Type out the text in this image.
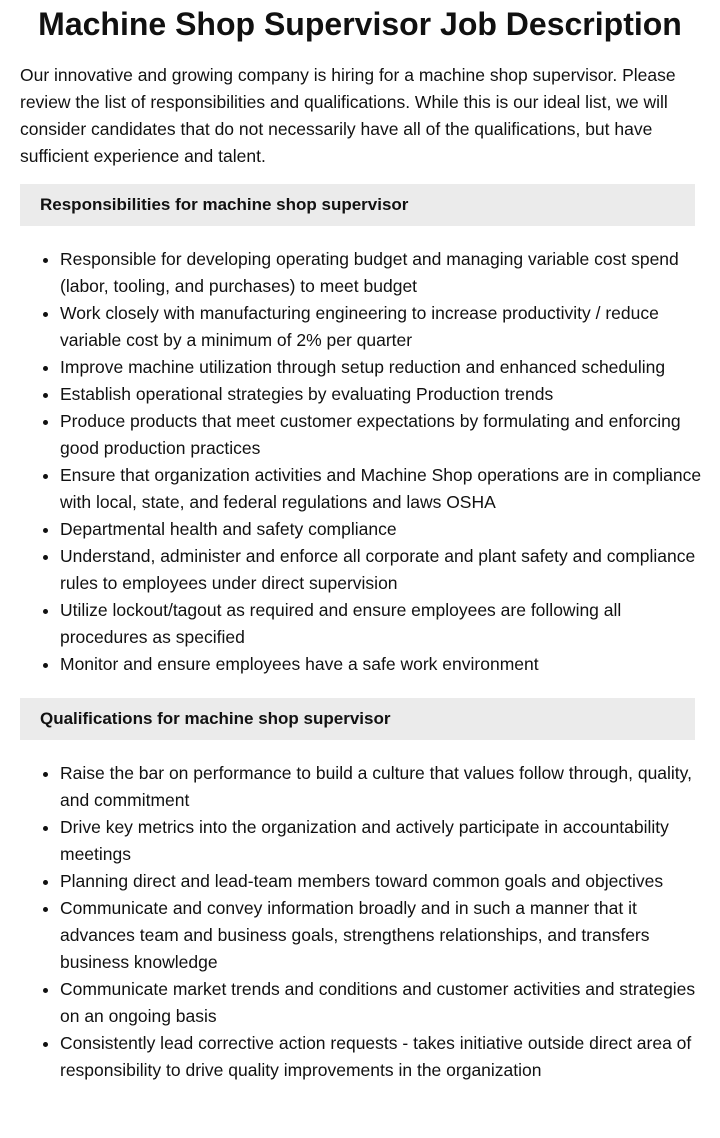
Machine Shop Supervisor Job Description

Our innovative and growing company is hiring for a machine shop supervisor. Please review the list of responsibilities and qualifications. While this is our ideal list, we will consider candidates that do not necessarily have all of the qualifications, but have sufficient experience and talent.

Responsibilities for machine shop supervisor
• Responsible for developing operating budget and managing variable cost spend (labor, tooling, and purchases) to meet budget
• Work closely with manufacturing engineering to increase productivity / reduce variable cost by a minimum of 2% per quarter
• Improve machine utilization through setup reduction and enhanced scheduling
• Establish operational strategies by evaluating Production trends
• Produce products that meet customer expectations by formulating and enforcing good production practices
• Ensure that organization activities and Machine Shop operations are in compliance with local, state, and federal regulations and laws OSHA
• Departmental health and safety compliance
• Understand, administer and enforce all corporate and plant safety and compliance rules to employees under direct supervision
• Utilize lockout/tagout as required and ensure employees are following all procedures as specified
• Monitor and ensure employees have a safe work environment
Qualifications for machine shop supervisor
• Raise the bar on performance to build a culture that values follow through, quality, and commitment
• Drive key metrics into the organization and actively participate in accountability meetings
• Planning direct and lead-team members toward common goals and objectives
• Communicate and convey information broadly and in such a manner that it advances team and business goals, strengthens relationships, and transfers business knowledge
• Communicate market trends and conditions and customer activities and strategies on an ongoing basis
• Consistently lead corrective action requests - takes initiative outside direct area of responsibility to drive quality improvements in the organization
